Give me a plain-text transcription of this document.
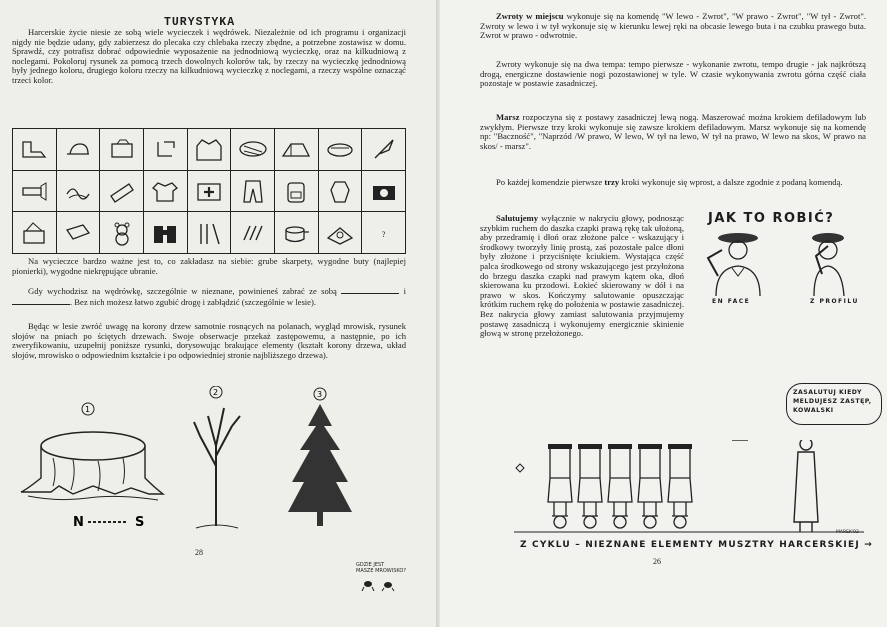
TURYSTYKA

Harcerskie życie niesie ze sobą wiele wycieczek i wędrówek. Niezależnie od ich programu i organizacji nigdy nie będzie udany, gdy zabierzesz do plecaka czy chlebaka rzeczy zbędne, a potrzebne zostawisz w domu. Sprawdź, czy potrafisz dobrać odpowiednie wyposażenie na jednodniową wycieczkę, oraz na kilkudniową z noclegami. Pokoloruj rysunek za pomocą trzech dowolnych kolorów tak, by rzeczy na wycieczkę jednodniową były jednego koloru, drugiego koloru rzeczy na kilkudniową wycieczkę z noclegami, a rzeczy wspólne oznacząć trzeci kolor.

	?

Na wycieczce bardzo ważne jest to, co zakładasz na siebie: grube skarpety, wygodne buty (najlepiej pionierki), wygodne niekrępujące ubranie.

Gdy wychodzisz na wędrówkę, szczególnie w nieznane, powinieneś zabrać ze sobą	i . Bez nich możesz łatwo zgubić drogę i zabłądzić (szczególnie w lesie).

Będąc w lesie zwróć uwagę na korony drzew samotnie rosnących na polanach, wygląd mrowisk, rysunek słojów na pniach po ściętych drzewach. Swoje obserwacje przekaż zastępowemu, a następnie, po ich zweryfikowaniu, uzupełnij poniższe rysunki, dorysowując brakujące elementy (kształt korony drzewa, układ słojów, mrowisko o odpowiednim kształcie i po odpowiedniej stronie najbliższego drzewa).

1
N	S
2	3
28
GDZIE JEST
MASZE MROWISKO?

Zwroty w miejscu wykonuje się na komendę "W lewo - Zwrot", "W prawo - Zwrot", "W tył - Zwrot". Zwroty w lewo i w tył wykonuje się w kierunku lewej ręki na obcasie lewego buta i na czubku prawego buta. Zwrot w prawo - odwrotnie.

Zwroty wykonuje się na dwa tempa: tempo pierwsze - wykonanie zwrotu, tempo drugie - jak najkrótszą drogą, energiczne dostawienie nogi pozostawionej w tyle. W czasie wykonywania zwrotu górna część ciała pozostaje w postawie zasadniczej.

Marsz rozpoczyna się z postawy zasadniczej lewą nogą. Maszerować można krokiem defiladowym lub zwykłym. Pierwsze trzy kroki wykonuje się zawsze krokiem defiladowym. Marsz wykonuje się na komendę np: "Baczność", "Naprzód /W prawo, W lewo, W tył na lewo, W tył na prawo, W lewo na skos, W prawo na skos/ - marsz".

Po każdej komendzie pierwsze trzy kroki wykonuje się wprost, a dalsze zgodnie z podaną komendą.

Salutujemy wyłącznie w nakryciu głowy, podnosząc szybkim ruchem do daszka czapki prawą rękę tak ułożoną, aby przedramię i dłoń oraz złożone palce - wskazujący i środkowy tworzyły linię prostą, zaś pozostałe palce dłoni były złożone i przyciśnięte kciukiem. Wystająca część palca środkowego od strony wskazującego jest przyłożona do brzegu daszka czapki nad prawym kątem oka, dłoń skierowana ku przodowi. Łokieć skierowany w dół i na prawo w skos. Kończymy salutowanie opuszczając krótkim ruchem rękę do położenia w postawie zasadniczej. Bez nakrycia głowy zamiast salutowania przyjmujemy postawę zasadniczą i wykonujemy energicznie skinienie głową w stronę przełożonego.

JAK TO ROBIĆ?
EN FACE	Z PROFILU
ZASALUTUJ KIEDY
MELDUJESZ ZASTĘP,
KOWALSKI
MAREK'92
Z CYKLU – NIEZNANE ELEMENTY MUSZTRY HARCERSKIEJ →
26
